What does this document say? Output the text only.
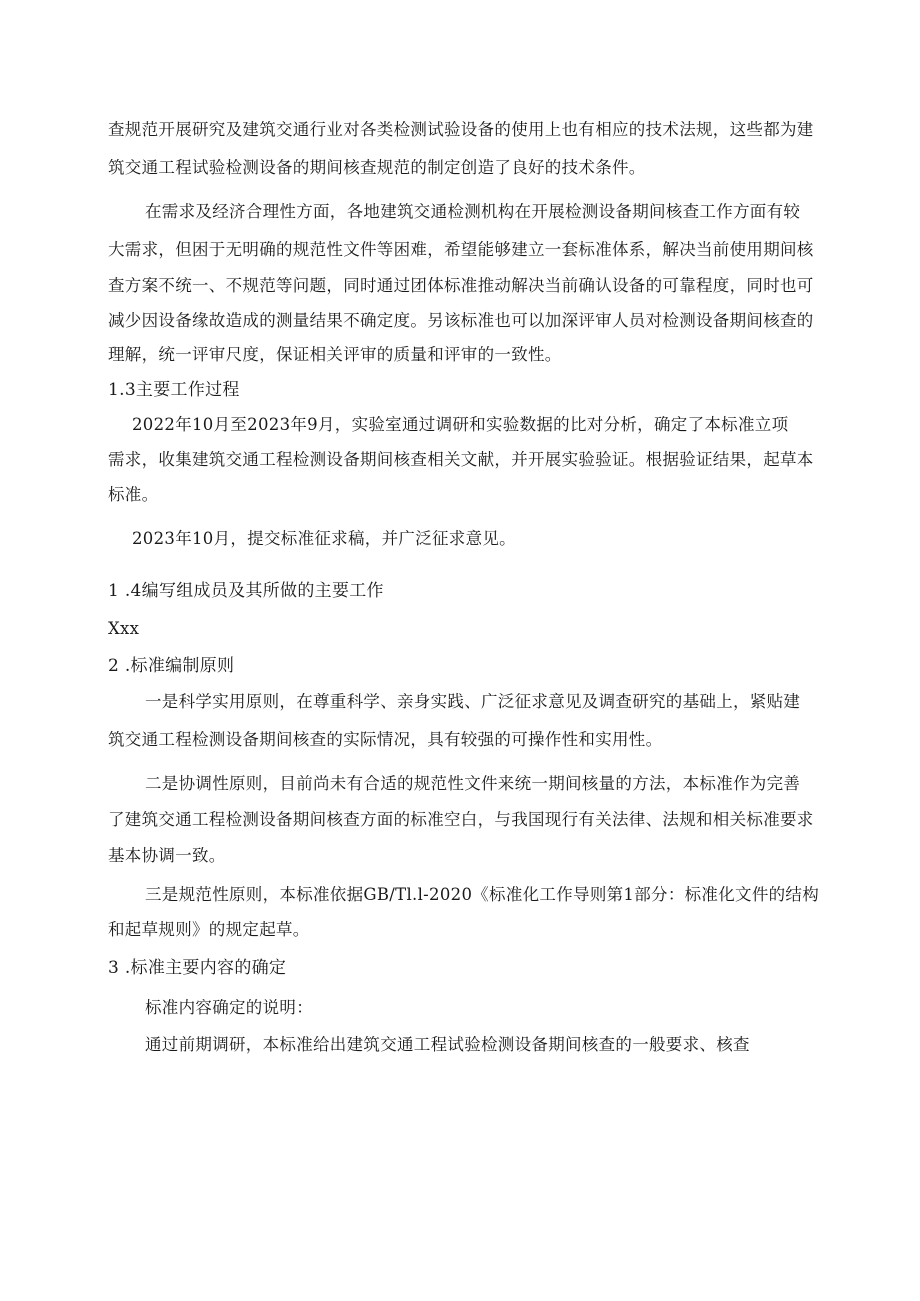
查规范开展研究及建筑交通行业对各类检测试验设备的使用上也有相应的技术法规，这些都为建
筑交通工程试验检测设备的期间核查规范的制定创造了良好的技术条件。
在需求及经济合理性方面，各地建筑交通检测机构在开展检测设备期间核查工作方面有较
大需求，但困于无明确的规范性文件等困难，希望能够建立一套标准体系，解决当前使用期间核
查方案不统一、不规范等问题，同时通过团体标准推动解决当前确认设备的可靠程度，同时也可
减少因设备缘故造成的测量结果不确定度。另该标准也可以加深评审人员对检测设备期间核查的
理解，统一评审尺度，保证相关评审的质量和评审的一致性。
1.3主要工作过程
2022年10月至2023年9月，实验室通过调研和实验数据的比对分析，确定了本标准立项
需求，收集建筑交通工程检测设备期间核查相关文献，并开展实验验证。根据验证结果，起草本
标准。
2023年10月，提交标准征求稿，并广泛征求意见。
1 .4编写组成员及其所做的主要工作
Xxx
2 .标准编制原则
一是科学实用原则，在尊重科学、亲身实践、广泛征求意见及调查研究的基础上，紧贴建
筑交通工程检测设备期间核查的实际情况，具有较强的可操作性和实用性。
二是协调性原则，目前尚未有合适的规范性文件来统一期间核量的方法，本标准作为完善
了建筑交通工程检测设备期间核查方面的标准空白，与我国现行有关法律、法规和相关标准要求
基本协调一致。
三是规范性原则，本标准依据GB/Tl.l-2020《标准化工作导则第1部分：标准化文件的结构
和起草规则》的规定起草。
3 .标准主要内容的确定
标准内容确定的说明：
通过前期调研，本标准给出建筑交通工程试验检测设备期间核查的一般要求、核查
